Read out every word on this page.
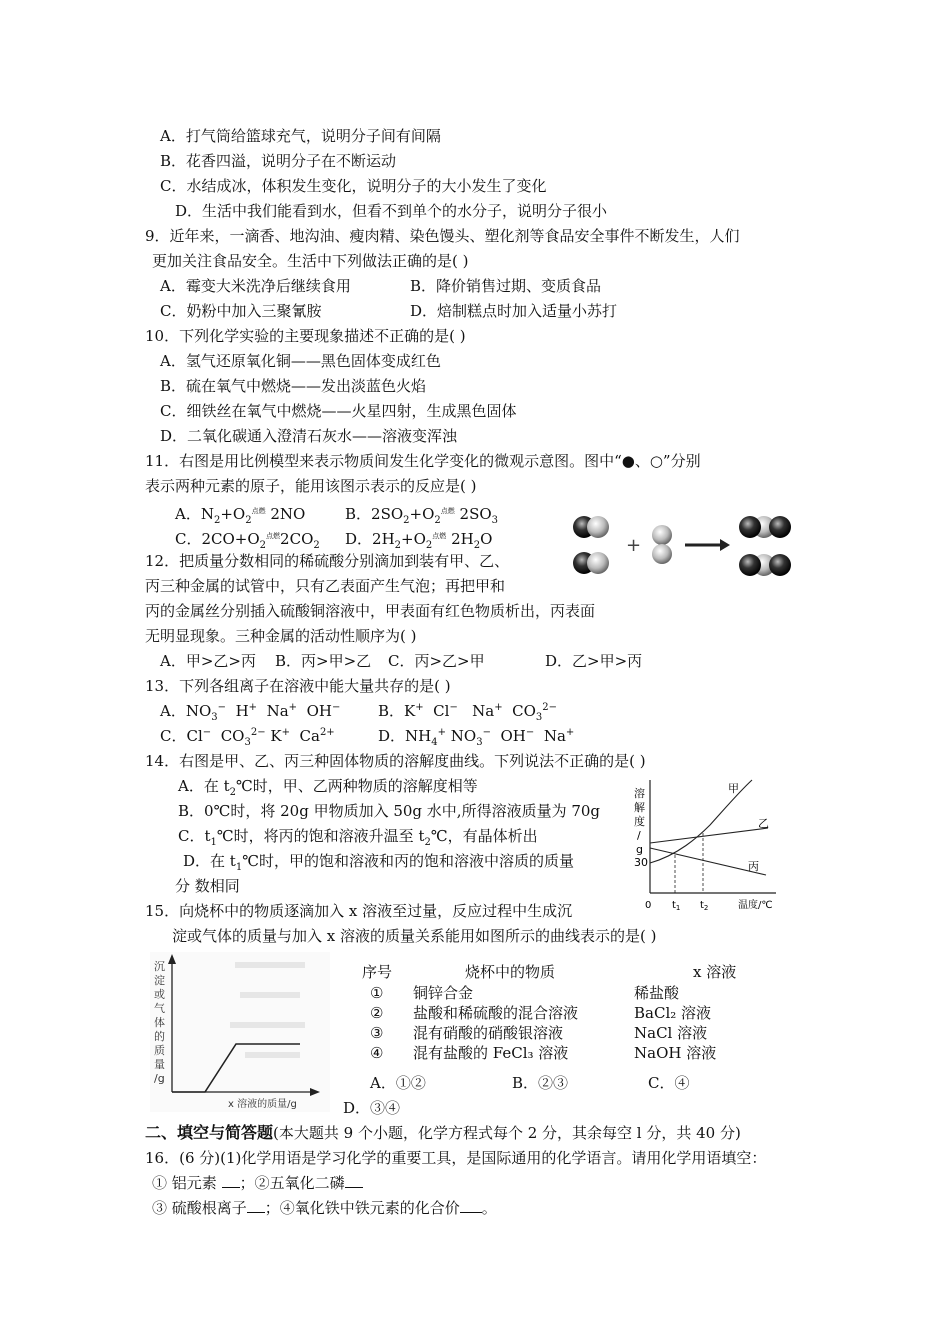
A．打气筒给篮球充气，说明分子间有间隔
B．花香四溢，说明分子在不断运动
C．水结成冰，体积发生变化，说明分子的大小发生了变化
D．生活中我们能看到水，但看不到单个的水分子，说明分子很小
9．近年来，一滴香、地沟油、瘦肉精、染色馒头、塑化剂等食品安全事件不断发生，人们
更加关注食品安全。生活中下列做法正确的是( )
A．霉变大米洗净后继续食用	B．降价销售过期、变质食品
C．奶粉中加入三聚氰胺	D．焙制糕点时加入适量小苏打
10．下列化学实验的主要现象描述不正确的是( )
A．氢气还原氧化铜——黑色固体变成红色
B．硫在氧气中燃烧——发出淡蓝色火焰
C．细铁丝在氧气中燃烧——火星四射，生成黑色固体
D．二氧化碳通入澄清石灰水——溶液变浑浊
11．右图是用比例模型来表示物质间发生化学变化的微观示意图。图中“●、○”分别
表示两种元素的原子，能用该图示表示的反应是( )
A．$N_2+O_2^{点燃}$ 2NO	B．$2SO_2+O_2^{点燃}$ $2SO_3$
C．$2CO+O_2^{点燃}2CO_2$ D．$2H_2+O_2^{点燃}$ $2H_2O$	+
12．把质量分数相同的稀硫酸分别滴加到装有甲、乙、
丙三种金属的试管中，只有乙表面产生气泡；再把甲和
丙的金属丝分别插入硫酸铜溶液中，甲表面有红色物质析出，丙表面
无明显现象。三种金属的活动性顺序为( )
A．甲>乙>丙 B．丙>甲>乙 C．丙>乙>甲	D．乙>甲>丙
13．下列各组离子在溶液中能大量共存的是( )
A．$NO_3^-$  H+  Na+  OH−	B．K+  Cl−   Na+  $CO_3^{2-}$
C．Cl−  $CO_3^{2-}$ K+  $Ca^{2+}$	D．$NH_4^+$ $NO_3^-$  OH−  Na+
14．右图是甲、乙、丙三种固体物质的溶解度曲线。下列说法不正确的是( )
A．在 $t_2℃$时，甲、乙两种物质的溶解度相等
B．0℃时，将 20g 甲物质加入 50g 水中,所得溶液质量为 70g
C．$t_1℃$时，将丙的饱和溶液升温至 $t_2℃$，有晶体析出
D．在 $t_1℃$时，甲的饱和溶液和丙的饱和溶液中溶质的质量
分 数相同
溶
解
度
/
g
30
甲
乙
丙
0 $t_1$ $t_2$	温度/℃
15．向烧杯中的物质逐滴加入 x 溶液至过量，反应过程中生成沉
淀或气体的质量与加入 x 溶液的质量关系能用如图所示的曲线表示的是( )
沉
淀
或
气
体
的
质
量
/g
x 溶液的质量/g
序号	烧杯中的物质	x 溶液
① 铜锌合金	稀盐酸
② 盐酸和稀硫酸的混合溶液	BaCl₂ 溶液
③ 混有硝酸的硝酸银溶液	NaCl 溶液
④ 混有盐酸的 FeCl₃ 溶液	NaOH 溶液
A．①②	B．②③	C．④
D．③④
二、填空与简答题(本大题共 9 个小题，化学方程式每个 2 分，其余每空 l 分，共 40 分)
16．(6 分)(1)化学用语是学习化学的重要工具，是国际通用的化学语言。请用化学用语填空：
① 铝元素 ；②五氧化二磷
③ 硫酸根离子 ；④氧化铁中铁元素的化合价 。
